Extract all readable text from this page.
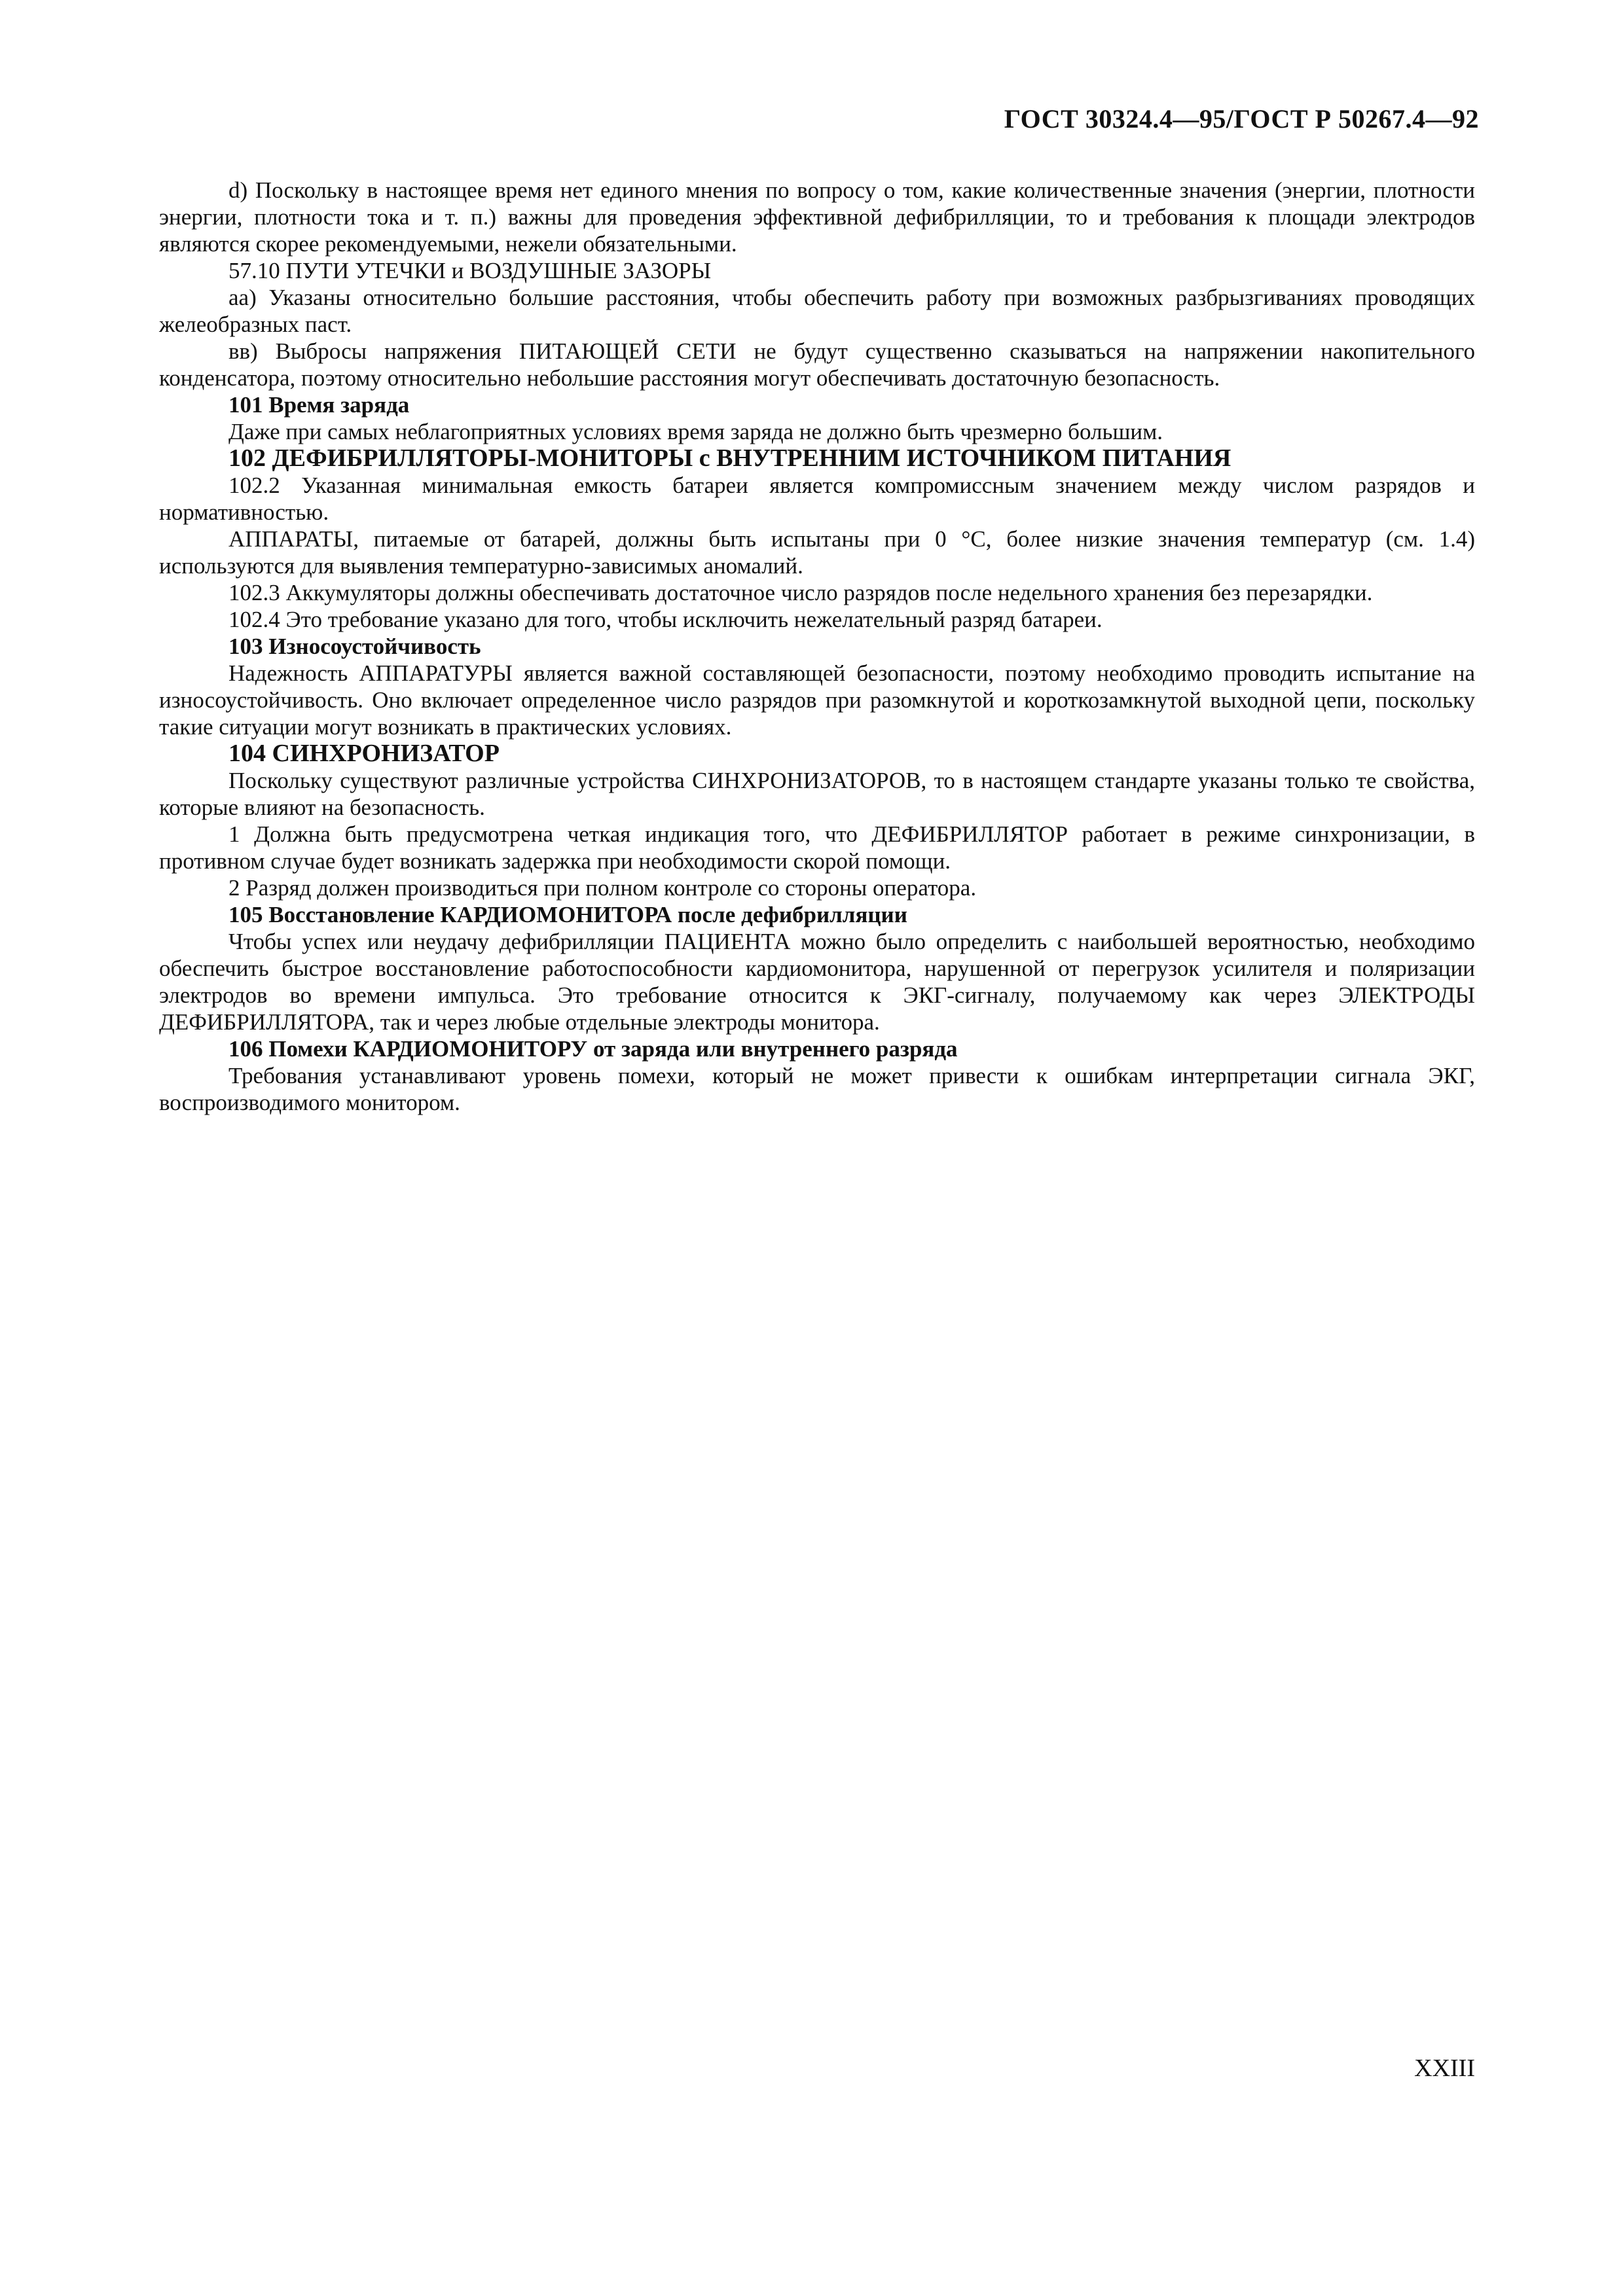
ГОСТ 30324.4—95/ГОСТ Р 50267.4—92

d) Поскольку в настоящее время нет единого мнения по вопросу о том, какие количественные значения (энергии, плотности энергии, плотности тока и т. п.) важны для проведения эффективной дефибрилляции, то и требования к площади электродов являются скорее рекомендуемыми, нежели обязательными.

57.10 ПУТИ УТЕЧКИ и ВОЗДУШНЫЕ ЗАЗОРЫ

аа) Указаны относительно большие расстояния, чтобы обеспечить работу при возможных разбрызгиваниях проводящих желеобразных паст.

вв) Выбросы напряжения ПИТАЮЩЕЙ СЕТИ не будут существенно сказываться на напряжении накопительного конденсатора, поэтому относительно небольшие расстояния могут обеспечивать достаточную безопасность.

101 Время заряда

Даже при самых неблагоприятных условиях время заряда не должно быть чрезмерно большим.

102 ДЕФИБРИЛЛЯТОРЫ-МОНИТОРЫ с ВНУТРЕННИМ ИСТОЧНИКОМ ПИТАНИЯ

102.2 Указанная минимальная емкость батареи является компромиссным значением между числом разрядов и нормативностью.

АППАРАТЫ, питаемые от батарей, должны быть испытаны при 0 °С, более низкие значения температур (см. 1.4) используются для выявления температурно-зависимых аномалий.

102.3 Аккумуляторы должны обеспечивать достаточное число разрядов после недельного хранения без перезарядки.

102.4 Это требование указано для того, чтобы исключить нежелательный разряд батареи.

103 Износоустойчивость

Надежность АППАРАТУРЫ является важной составляющей безопасности, поэтому необходимо проводить испытание на износоустойчивость. Оно включает определенное число разрядов при разомкнутой и короткозамкнутой выходной цепи, поскольку такие ситуации могут возникать в практических условиях.

104 СИНХРОНИЗАТОР

Поскольку существуют различные устройства СИНХРОНИЗАТОРОВ, то в настоящем стандарте указаны только те свойства, которые влияют на безопасность.

1 Должна быть предусмотрена четкая индикация того, что ДЕФИБРИЛЛЯТОР работает в режиме синхронизации, в противном случае будет возникать задержка при необходимости скорой помощи.

2 Разряд должен производиться при полном контроле со стороны оператора.

105 Восстановление КАРДИОМОНИТОРА после дефибрилляции

Чтобы успех или неудачу дефибрилляции ПАЦИЕНТА можно было определить с наибольшей вероятностью, необходимо обеспечить быстрое восстановление работоспособности кардиомонитора, нарушенной от перегрузок усилителя и поляризации электродов во времени импульса. Это требование относится к ЭКГ-сигналу, получаемому как через ЭЛЕКТРОДЫ ДЕФИБРИЛЛЯТОРА, так и через любые отдельные электроды монитора.

106 Помехи КАРДИОМОНИТОРУ от заряда или внутреннего разряда

Требования устанавливают уровень помехи, который не может привести к ошибкам интерпретации сигнала ЭКГ, воспроизводимого монитором.

XXIII
